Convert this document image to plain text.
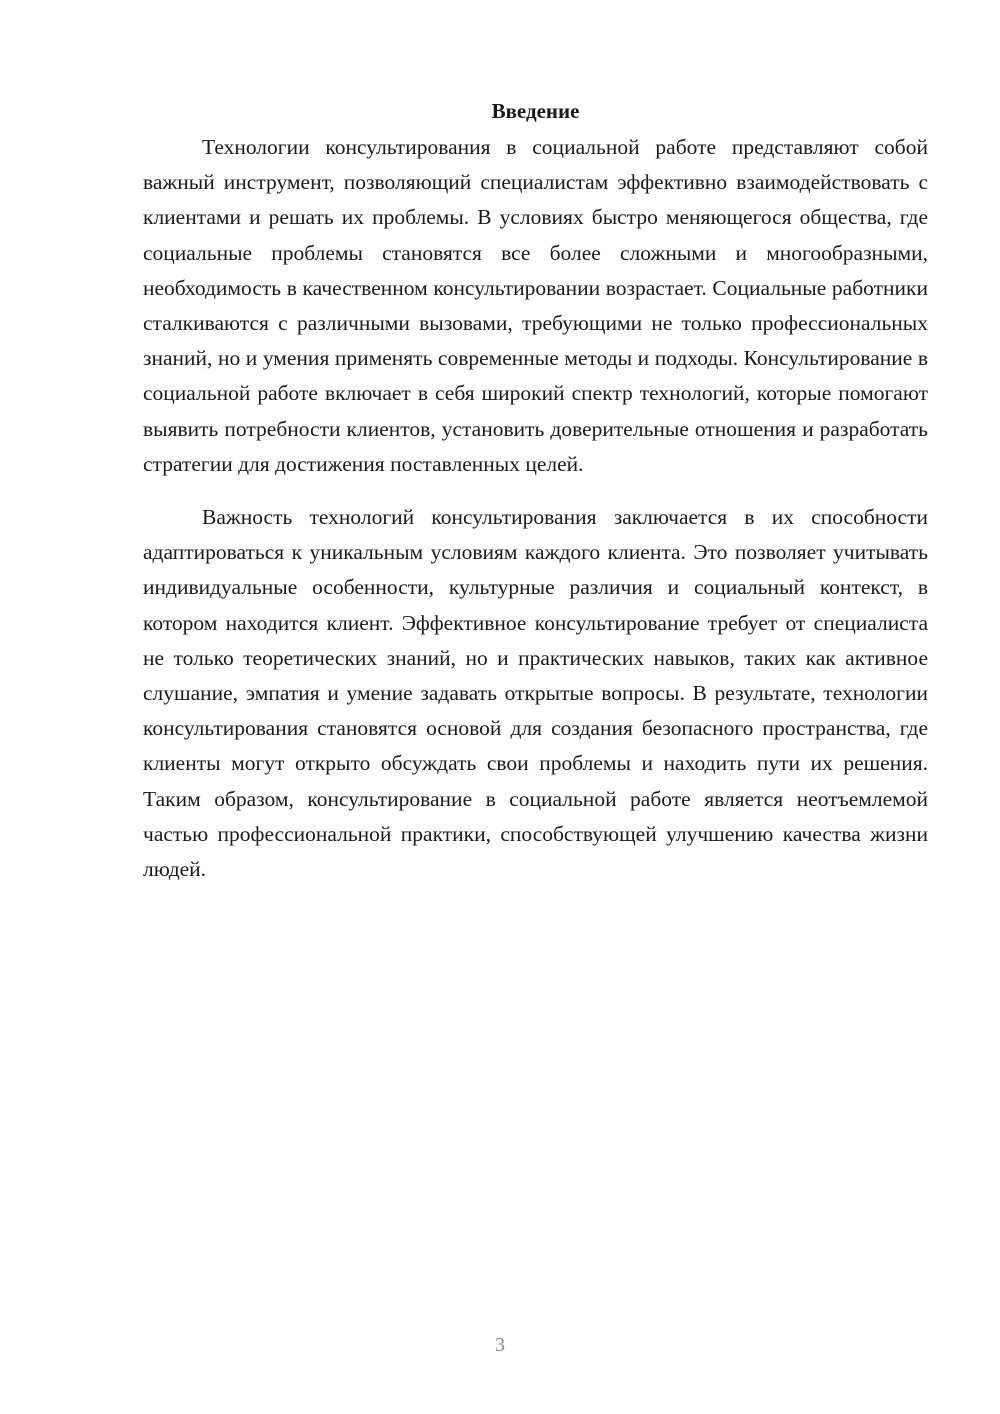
Введение

Технологии консультирования в социальной работе представляют собой важный инструмент, позволяющий специалистам эффективно взаимодействовать с клиентами и решать их проблемы. В условиях быстро меняющегося общества, где социальные проблемы становятся все более сложными и многообразными, необходимость в качественном консультировании возрастает. Социальные работники сталкиваются с различными вызовами, требующими не только профессиональных знаний, но и умения применять современные методы и подходы. Консультирование в социальной работе включает в себя широкий спектр технологий, которые помогают выявить потребности клиентов, установить доверительные отношения и разработать стратегии для достижения поставленных целей.

Важность технологий консультирования заключается в их способности адаптироваться к уникальным условиям каждого клиента. Это позволяет учитывать индивидуальные особенности, культурные различия и социальный контекст, в котором находится клиент. Эффективное консультирование требует от специалиста не только теоретических знаний, но и практических навыков, таких как активное слушание, эмпатия и умение задавать открытые вопросы. В результате, технологии консультирования становятся основой для создания безопасного пространства, где клиенты могут открыто обсуждать свои проблемы и находить пути их решения. Таким образом, консультирование в социальной работе является неотъемлемой частью профессиональной практики, способствующей улучшению качества жизни людей.

3
